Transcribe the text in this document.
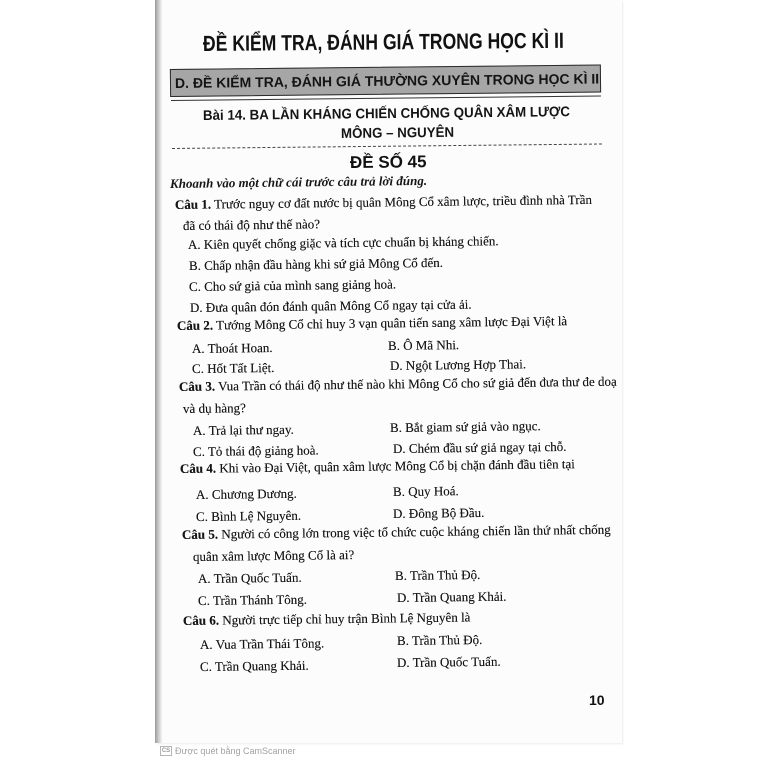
ĐỀ KIỂM TRA, ĐÁNH GIÁ TRONG HỌC KÌ II
D. ĐỀ KIỂM TRA, ĐÁNH GIÁ THƯỜNG XUYÊN TRONG HỌC KÌ II
Bài 14. BA LẦN KHÁNG CHIẾN CHỐNG QUÂN XÂM LƯỢC
MÔNG – NGUYÊN
ĐỀ SỐ 45
Khoanh vào một chữ cái trước câu trả lời đúng.
Câu 1. Trước nguy cơ đất nước bị quân Mông Cổ xâm lược, triều đình nhà Trần
đã có thái độ như thế nào?
A. Kiên quyết chống giặc và tích cực chuẩn bị kháng chiến.
B. Chấp nhận đầu hàng khi sứ giả Mông Cổ đến.
C. Cho sứ giả của mình sang giảng hoà.
D. Đưa quân đón đánh quân Mông Cổ ngay tại cửa ải.
Câu 2. Tướng Mông Cổ chỉ huy 3 vạn quân tiến sang xâm lược Đại Việt là
A. Thoát Hoan.	B. Ô Mã Nhi.
C. Hốt Tất Liệt.	D. Ngột Lương Hợp Thai.
Câu 3. Vua Trần có thái độ như thế nào khi Mông Cổ cho sứ giả đến đưa thư đe doạ
và dụ hàng?
A. Trả lại thư ngay.	B. Bắt giam sứ giả vào ngục.
C. Tỏ thái độ giảng hoà.	D. Chém đầu sứ giả ngay tại chỗ.
Câu 4. Khi vào Đại Việt, quân xâm lược Mông Cổ bị chặn đánh đầu tiên tại
A. Chương Dương.	B. Quy Hoá.
C. Bình Lệ Nguyên.	D. Đông Bộ Đầu.
Câu 5. Người có công lớn trong việc tổ chức cuộc kháng chiến lần thứ nhất chống
quân xâm lược Mông Cổ là ai?
A. Trần Quốc Tuấn.	B. Trần Thủ Độ.
C. Trần Thánh Tông.	D. Trần Quang Khải.
Câu 6. Người trực tiếp chỉ huy trận Bình Lệ Nguyên là
A. Vua Trần Thái Tông.	B. Trần Thủ Độ.
C. Trần Quang Khải.	D. Trần Quốc Tuấn.
10
CS Được quét bằng CamScanner
